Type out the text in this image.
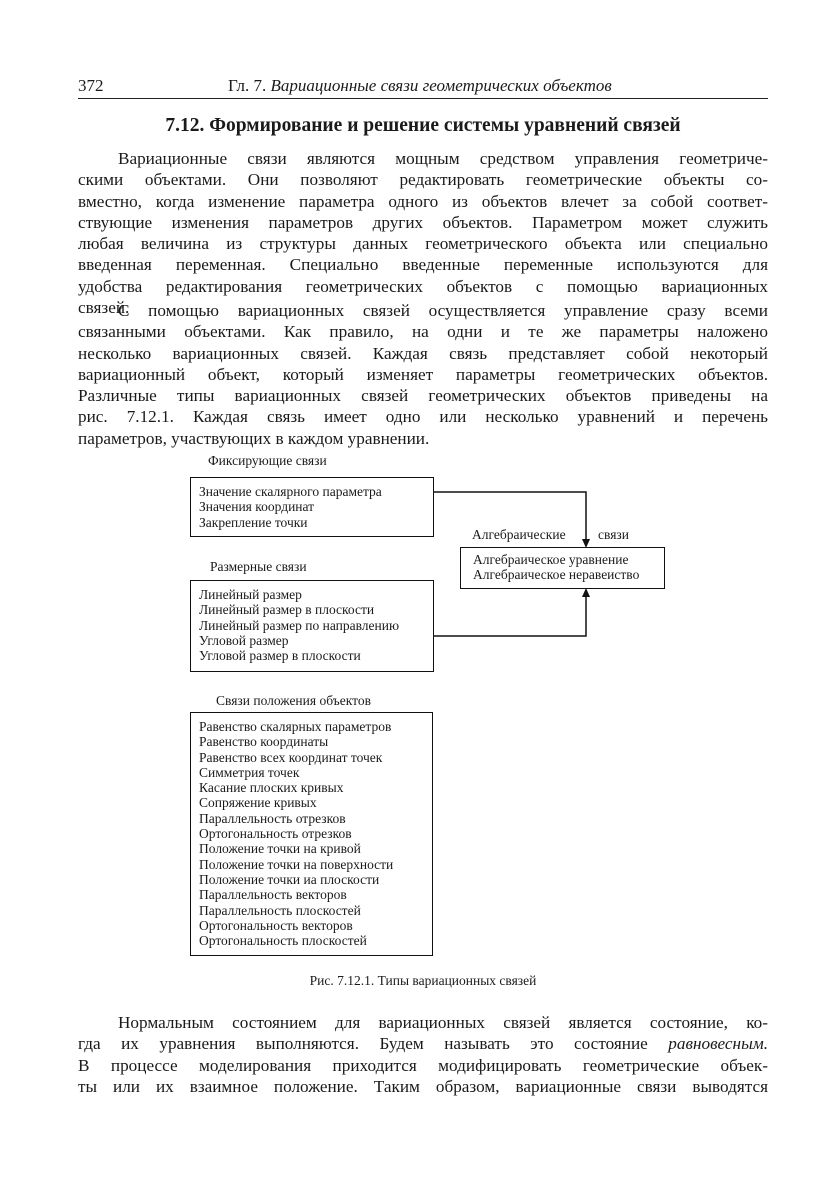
372	Гл. 7. Вариационные связи геометрических объектов
7.12. Формирование и решение системы уравнений связей
Вариационные связи являются мощным средством управления геометриче-
скими объектами. Они позволяют редактировать геометрические объекты со-
вместно, когда изменение параметра одного из объектов влечет за собой соответ-
ствующие изменения параметров других объектов. Параметром может служить
любая величина из структуры данных геометрического объекта или специально
введенная переменная. Специально введенные переменные используются для
удобства редактирования геометрических объектов с помощью вариационных
связей.
С помощью вариационных связей осуществляется управление сразу всеми
связанными объектами. Как правило, на одни и те же параметры наложено
несколько вариационных связей. Каждая связь представляет собой некоторый
вариационный объект, который изменяет параметры геометрических объектов.
Различные типы вариационных связей геометрических объектов приведены на
рис. 7.12.1. Каждая связь имеет одно или несколько уравнений и перечень
параметров, участвующих в каждом уравнении.
Фиксирующие связи
Значение скалярного параметра
Значения координат
Закрепление точки
Алгебраические связи
Алгебраическое уравнение
Алгебраическое неравеиство
Размерные связи
Линейный размер
Линейный размер в плоскости
Линейный размер по направлению
Угловой размер
Угловой размер в плоскости
Связи положения объектов
Равенство скалярных параметров
Равенство координаты
Равенство всех координат точек
Симметрия точек
Касание плоских кривых
Сопряжение кривых
Параллельность отрезков
Ортогональность отрезков
Положение точки на кривой
Положение точки на поверхности
Положение точки иа плоскости
Параллельность векторов
Параллельность плоскостей
Ортогональность векторов
Ортогональность плоскостей
Рис. 7.12.1. Типы вариационных связей
Нормальным состоянием для вариационных связей является состояние, ко-
гда их уравнения выполняются. Будем называть это состояние равновесным.
В процессе моделирования приходится модифицировать геометрические объек-
ты или их взаимное положение. Таким образом, вариационные связи выводятся
